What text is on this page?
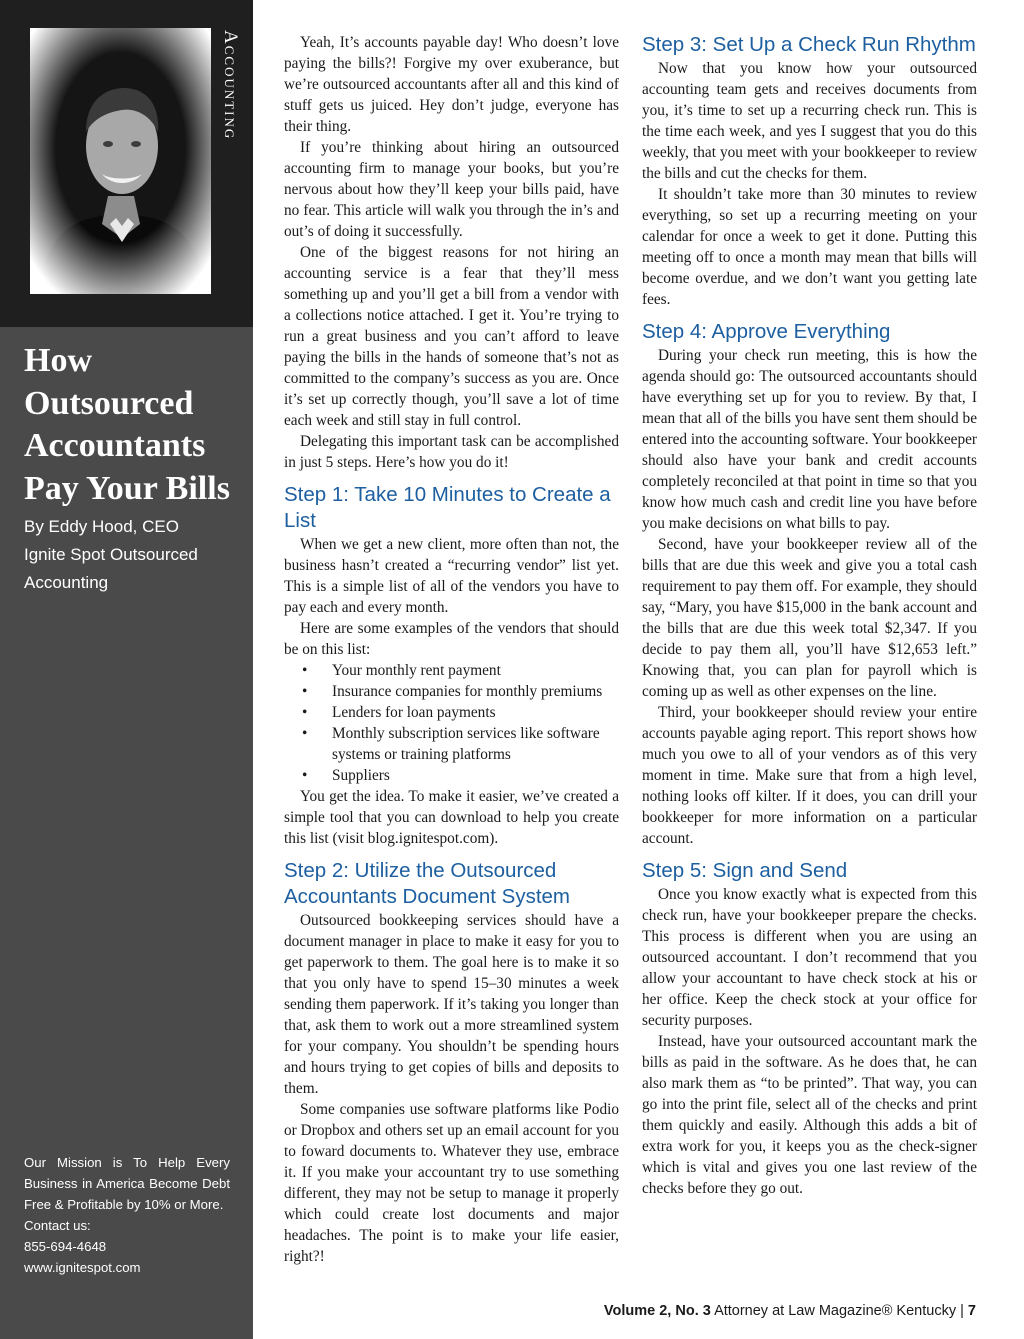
Accounting
How Outsourced Accountants Pay Your Bills
By Eddy Hood, CEO
Ignite Spot Outsourced
Accounting
Our Mission is To Help Every Business in America Become Debt Free & Profitable by 10% or More.
Contact us:
855-694-4648
www.ignitespot.com

Yeah, It’s accounts payable day! Who doesn’t love paying the bills?! Forgive my over exuberance, but we’re outsourced accountants after all and this kind of stuff gets us juiced. Hey don’t judge, everyone has their thing.

If you’re thinking about hiring an outsourced accounting firm to manage your books, but you’re nervous about how they’ll keep your bills paid, have no fear. This article will walk you through the in’s and out’s of doing it successfully.

One of the biggest reasons for not hiring an accounting service is a fear that they’ll mess something up and you’ll get a bill from a vendor with a collections notice attached. I get it. You’re trying to run a great business and you can’t afford to leave paying the bills in the hands of someone that’s not as committed to the company’s success as you are. Once it’s set up correctly though, you’ll save a lot of time each week and still stay in full control.

Delegating this important task can be accomplished in just 5 steps. Here’s how you do it!

Step 1: Take 10 Minutes to Create a List

When we get a new client, more often than not, the business hasn’t created a “recurring vendor” list yet. This is a simple list of all of the vendors you have to pay each and every month.

Here are some examples of the vendors that should be on this list:

• Your monthly rent payment
• Insurance companies for monthly premiums
• Lenders for loan payments
• Monthly subscription services like software systems or training platforms
• Suppliers

You get the idea. To make it easier, we’ve created a simple tool that you can download to help you create this list (visit blog.ignitespot.com).

Step 2: Utilize the Outsourced Accountants Document System

Outsourced bookkeeping services should have a document manager in place to make it easy for you to get paperwork to them. The goal here is to make it so that you only have to spend 15–30 minutes a week sending them paperwork. If it’s taking you longer than that, ask them to work out a more streamlined system for your company. You shouldn’t be spending hours and hours trying to get copies of bills and deposits to them.

Some companies use software platforms like Podio or Dropbox and others set up an email account for you to foward documents to. Whatever they use, embrace it. If you make your accountant try to use something different, they may not be setup to manage it properly which could create lost documents and major headaches. The point is to make your life easier, right?!

Step 3: Set Up a Check Run Rhythm

Now that you know how your outsourced accounting team gets and receives documents from you, it’s time to set up a recurring check run. This is the time each week, and yes I suggest that you do this weekly, that you meet with your bookkeeper to review the bills and cut the checks for them.

It shouldn’t take more than 30 minutes to review everything, so set up a recurring meeting on your calendar for once a week to get it done. Putting this meeting off to once a month may mean that bills will become overdue, and we don’t want you getting late fees.

Step 4: Approve Everything

During your check run meeting, this is how the agenda should go: The outsourced accountants should have everything set up for you to review. By that, I mean that all of the bills you have sent them should be entered into the accounting software. Your bookkeeper should also have your bank and credit accounts completely reconciled at that point in time so that you know how much cash and credit line you have before you make decisions on what bills to pay.

Second, have your bookkeeper review all of the bills that are due this week and give you a total cash requirement to pay them off. For example, they should say, “Mary, you have $15,000 in the bank account and the bills that are due this week total $2,347. If you decide to pay them all, you’ll have $12,653 left.” Knowing that, you can plan for payroll which is coming up as well as other expenses on the line.

Third, your bookkeeper should review your entire accounts payable aging report. This report shows how much you owe to all of your vendors as of this very moment in time. Make sure that from a high level, nothing looks off kilter. If it does, you can drill your bookkeeper for more information on a particular account.

Step 5: Sign and Send

Once you know exactly what is expected from this check run, have your bookkeeper prepare the checks. This process is different when you are using an outsourced accountant. I don’t recommend that you allow your accountant to have check stock at his or her office. Keep the check stock at your office for security purposes.

Instead, have your outsourced accountant mark the bills as paid in the software. As he does that, he can also mark them as “to be printed”. That way, you can go into the print file, select all of the checks and print them quickly and easily. Although this adds a bit of extra work for you, it keeps you as the check-signer which is vital and gives you one last review of the checks before they go out.

Volume 2, No. 3 Attorney at Law Magazine® Kentucky | 7
